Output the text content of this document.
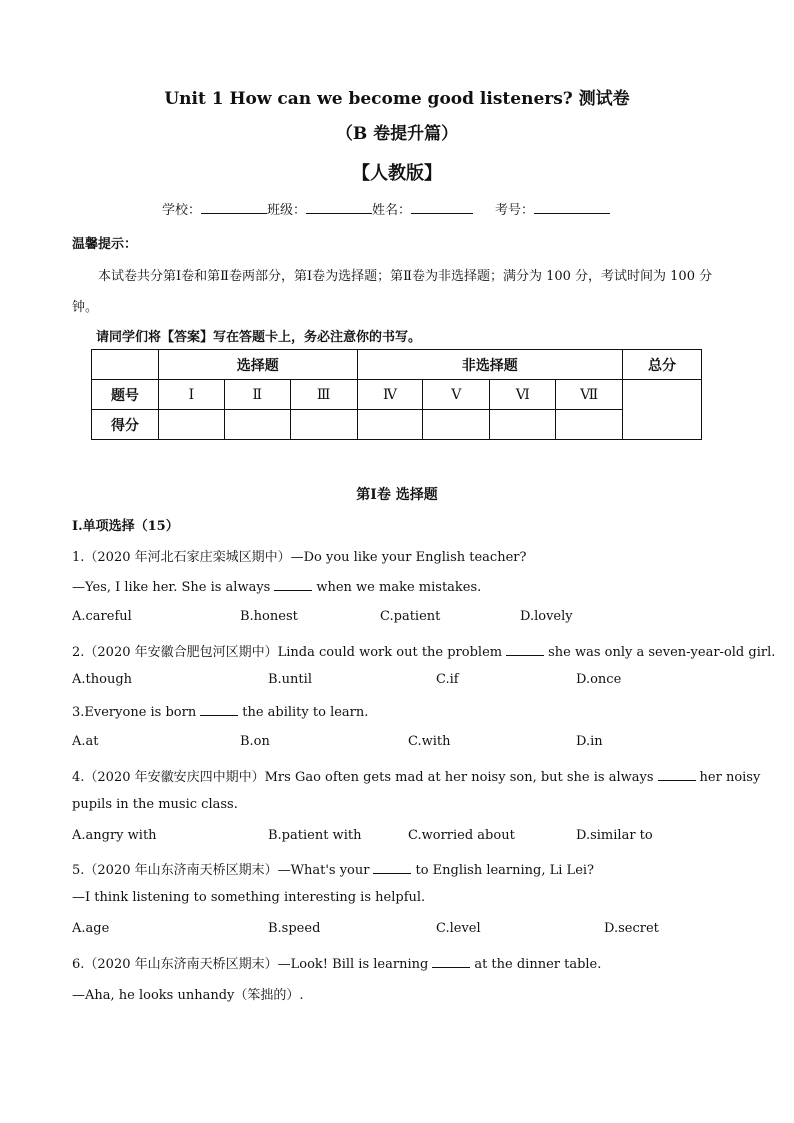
Unit 1 How can we become good listeners? 测试卷
（B 卷提升篇）
【人教版】
学校：	班级：	姓名：	考号：
温馨提示：
本试卷共分第Ⅰ卷和第Ⅱ卷两部分，第Ⅰ卷为选择题；第Ⅱ卷为非选择题；满分为 100 分，考试时间为 100 分钟。
请同学们将【答案】写在答题卡上，务必注意你的书写。
	选择题			非选择题				总分
题号	Ⅰ	Ⅱ	Ⅲ	Ⅳ	Ⅴ	Ⅵ	Ⅶ	
得分								
第Ⅰ卷 选择题
Ⅰ.单项选择（15）
1.（2020 年河北石家庄栾城区期中）—Do you like your English teacher?
—Yes, I like her. She is always	when we make mistakes.
A.careful	B.honest	C.patient	D.lovely
2.（2020 年安徽合肥包河区期中）Linda could work out the problem	she was only a seven-year-old girl.
A.though	B.until	C.if	D.once
3.Everyone is born	the ability to learn.
A.at	B.on	C.with	D.in
4.（2020 年安徽安庆四中期中）Mrs Gao often gets mad at her noisy son, but she is always	her noisy
pupils in the music class.
A.angry with	B.patient with	C.worried about	D.similar to
5.（2020 年山东济南天桥区期末）—What's your	to English learning, Li Lei?
—I think listening to something interesting is helpful.
A.age	B.speed	C.level	D.secret
6.（2020 年山东济南天桥区期末）—Look! Bill is learning	at the dinner table.
—Aha, he looks unhandy（笨拙的）.
